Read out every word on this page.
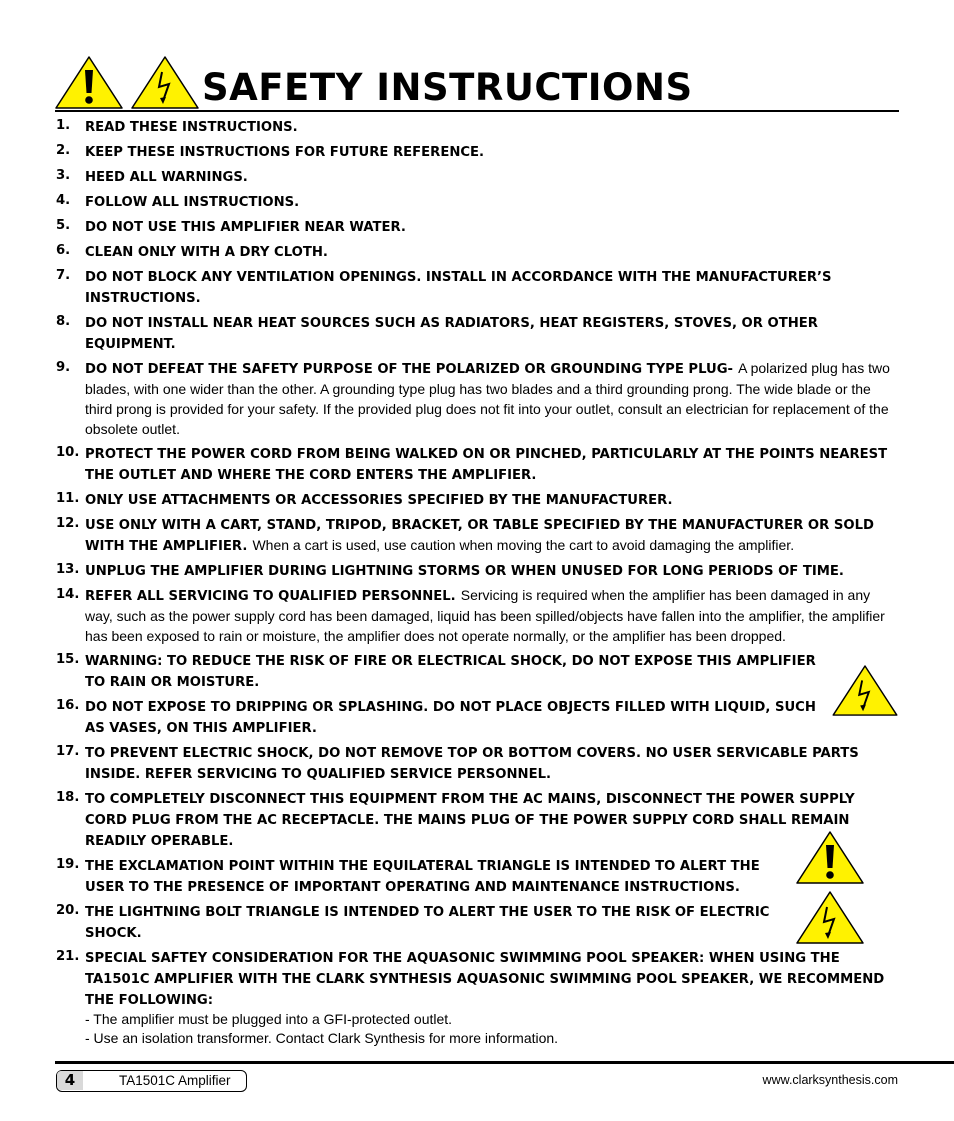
SAFETY INSTRUCTIONS
1. READ THESE INSTRUCTIONS.
2. KEEP THESE INSTRUCTIONS FOR FUTURE REFERENCE.
3. HEED ALL WARNINGS.
4. FOLLOW ALL INSTRUCTIONS.
5. DO NOT USE THIS AMPLIFIER NEAR WATER.
6. CLEAN ONLY WITH A DRY CLOTH.
7. DO NOT BLOCK ANY VENTILATION OPENINGS. INSTALL IN ACCORDANCE WITH THE MANUFACTURER’S INSTRUCTIONS.
8. DO NOT INSTALL NEAR HEAT SOURCES SUCH AS RADIATORS, HEAT REGISTERS, STOVES, OR OTHER EQUIPMENT.
9. DO NOT DEFEAT THE SAFETY PURPOSE OF THE POLARIZED OR GROUNDING TYPE PLUG- A polarized plug has two blades, with one wider than the other. A grounding type plug has two blades and a third grounding prong. The wide blade or the third prong is provided for your safety. If the provided plug does not fit into your outlet, consult an electrician for replacement of the obsolete outlet.
10. PROTECT THE POWER CORD FROM BEING WALKED ON OR PINCHED, PARTICULARLY AT THE POINTS NEAREST THE OUTLET AND WHERE THE CORD ENTERS THE AMPLIFIER.
11. ONLY USE ATTACHMENTS OR ACCESSORIES SPECIFIED BY THE MANUFACTURER.
12. USE ONLY WITH A CART, STAND, TRIPOD, BRACKET, OR TABLE SPECIFIED BY THE MANUFACTURER OR SOLD WITH THE AMPLIFIER. When a cart is used, use caution when moving the cart to avoid damaging the amplifier.
13. UNPLUG THE AMPLIFIER DURING LIGHTNING STORMS OR WHEN UNUSED FOR LONG PERIODS OF TIME.
14. REFER ALL SERVICING TO QUALIFIED PERSONNEL. Servicing is required when the amplifier has been damaged in any way, such as the power supply cord has been damaged, liquid has been spilled/objects have fallen into the amplifier, the amplifier has been exposed to rain or moisture, the amplifier does not operate normally, or the amplifier has been dropped.
15. WARNING: TO REDUCE THE RISK OF FIRE OR ELECTRICAL SHOCK, DO NOT EXPOSE THIS AMPLIFIER TO RAIN OR MOISTURE.
16. DO NOT EXPOSE TO DRIPPING OR SPLASHING. DO NOT PLACE OBJECTS FILLED WITH LIQUID, SUCH AS VASES, ON THIS AMPLIFIER.
17. TO PREVENT ELECTRIC SHOCK, DO NOT REMOVE TOP OR BOTTOM COVERS. NO USER SERVICABLE PARTS INSIDE. REFER SERVICING TO QUALIFIED SERVICE PERSONNEL.
18. TO COMPLETELY DISCONNECT THIS EQUIPMENT FROM THE AC MAINS, DISCONNECT THE POWER SUPPLY CORD PLUG FROM THE AC RECEPTACLE. THE MAINS PLUG OF THE POWER SUPPLY CORD SHALL REMAIN READILY OPERABLE.
19. THE EXCLAMATION POINT WITHIN THE EQUILATERAL TRIANGLE IS INTENDED TO ALERT THE USER TO THE PRESENCE OF IMPORTANT OPERATING AND MAINTENANCE INSTRUCTIONS.
20. THE LIGHTNING BOLT TRIANGLE IS INTENDED TO ALERT THE USER TO THE RISK OF ELECTRIC SHOCK.
21. SPECIAL SAFTEY CONSIDERATION FOR THE AQUASONIC SWIMMING POOL SPEAKER: WHEN USING THE TA1501C AMPLIFIER WITH THE CLARK SYNTHESIS AQUASONIC SWIMMING POOL SPEAKER, WE RECOMMEND THE FOLLOWING:
- The amplifier must be plugged into a GFI-protected outlet.
- Use an isolation transformer. Contact Clark Synthesis for more information.
4	TA1501C Amplifier	www.clarksynthesis.com
